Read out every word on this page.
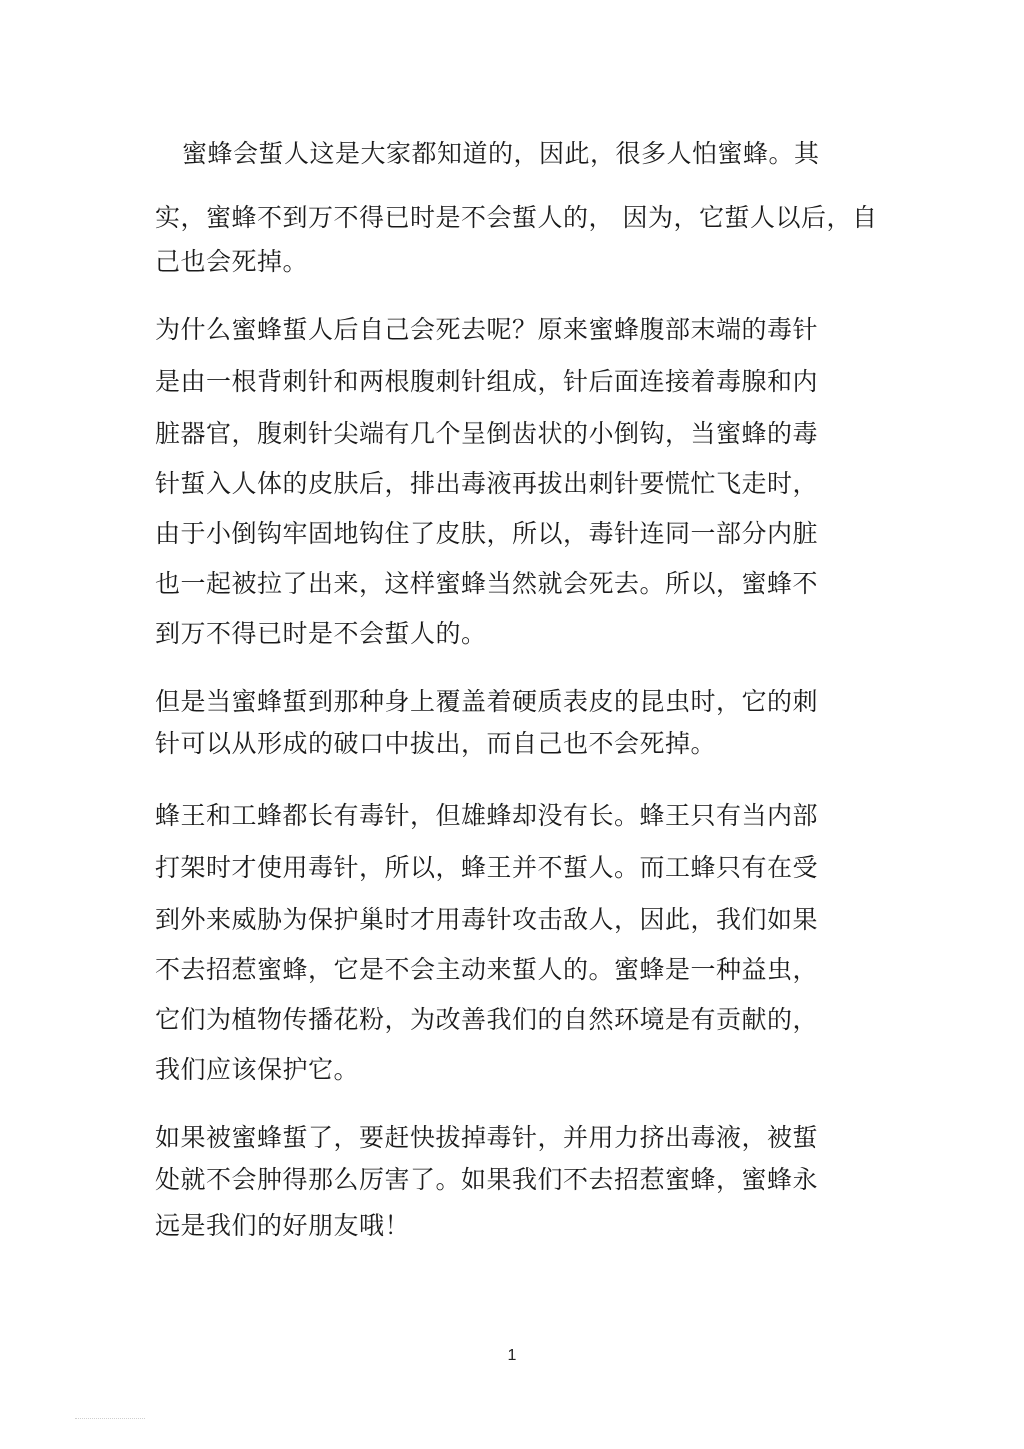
蜜蜂会蜇人这是大家都知道的，因此，很多人怕蜜蜂。其
实，蜜蜂不到万不得已时是不会蜇人的， 因为，它蜇人以后，自
己也会死掉。
为什么蜜蜂蜇人后自己会死去呢？原来蜜蜂腹部末端的毒针
是由一根背刺针和两根腹刺针组成，针后面连接着毒腺和内
脏器官，腹刺针尖端有几个呈倒齿状的小倒钩，当蜜蜂的毒
针蜇入人体的皮肤后，排出毒液再拔出刺针要慌忙飞走时，
由于小倒钩牢固地钩住了皮肤，所以，毒针连同一部分内脏
也一起被拉了出来，这样蜜蜂当然就会死去。所以，蜜蜂不
到万不得已时是不会蜇人的。
但是当蜜蜂蜇到那种身上覆盖着硬质表皮的昆虫时，它的刺
针可以从形成的破口中拔出，而自己也不会死掉。
蜂王和工蜂都长有毒针，但雄蜂却没有长。蜂王只有当内部
打架时才使用毒针，所以，蜂王并不蜇人。而工蜂只有在受
到外来威胁为保护巢时才用毒针攻击敌人，因此，我们如果
不去招惹蜜蜂，它是不会主动来蜇人的。蜜蜂是一种益虫，
它们为植物传播花粉，为改善我们的自然环境是有贡献的，
我们应该保护它。
如果被蜜蜂蜇了，要赶快拔掉毒针，并用力挤出毒液，被蜇
处就不会肿得那么厉害了。如果我们不去招惹蜜蜂，蜜蜂永
远是我们的好朋友哦！
1
